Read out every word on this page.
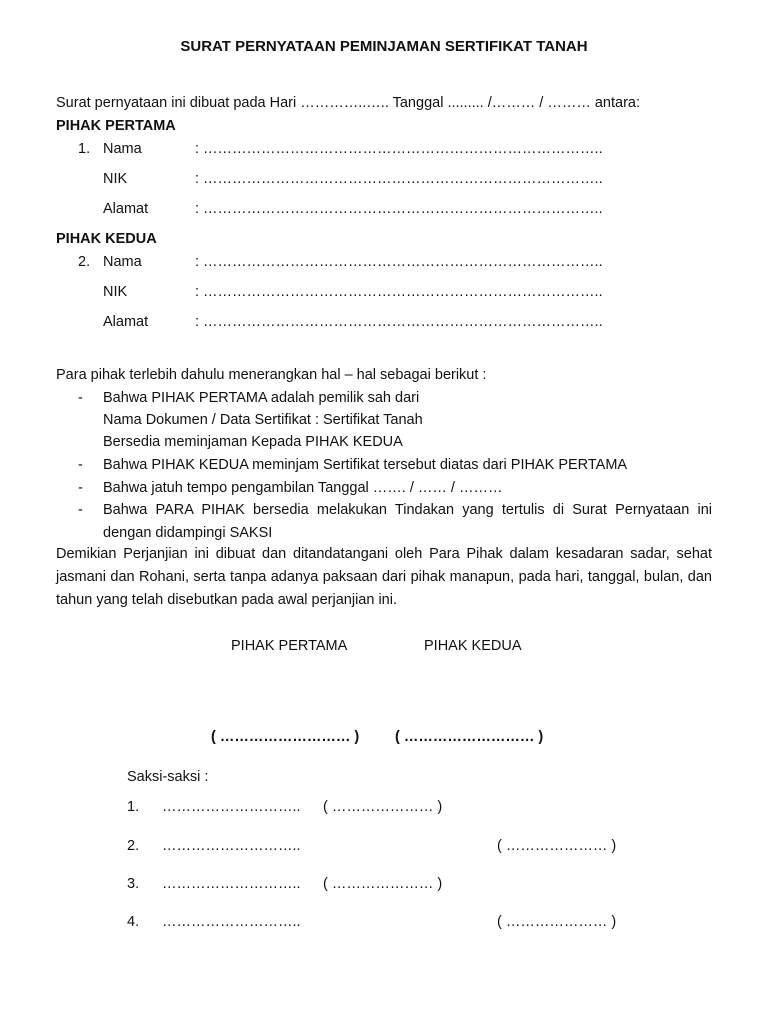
SURAT PERNYATAAN PEMINJAMAN SERTIFIKAT TANAH
Surat pernyataan ini dibuat pada Hari …………..….. Tanggal ......... /……… / ……… antara:
PIHAK PERTAMA
1. Nama	: ………………………………………………………………………..
NIK	: ………………………………………………………………………..
Alamat	: ………………………………………………………………………..
PIHAK KEDUA
2. Nama	: ………………………………………………………………………..
NIK	: ………………………………………………………………………..
Alamat	: ………………………………………………………………………..
Para pihak terlebih dahulu menerangkan hal – hal sebagai berikut :
- Bahwa PIHAK PERTAMA adalah pemilik sah dari
Nama Dokumen / Data Sertifikat : Sertifikat Tanah
Bersedia meminjaman Kepada PIHAK KEDUA
- Bahwa PIHAK KEDUA meminjam Sertifikat tersebut diatas dari PIHAK PERTAMA
- Bahwa jatuh tempo pengambilan Tanggal ……. / …… / ………
- Bahwa PARA PIHAK bersedia melakukan Tindakan yang tertulis di Surat Pernyataan ini
dengan didampingi SAKSI
Demikian Perjanjian ini dibuat dan ditandatangani oleh Para Pihak dalam kesadaran sadar, sehat jasmani dan Rohani, serta tanpa adanya paksaan dari pihak manapun, pada hari, tanggal, bulan, dan tahun yang telah disebutkan pada awal perjanjian ini.
PIHAK PERTAMA	PIHAK KEDUA
( ……………………… ) ( ……………………… )
Saksi-saksi :
1. ……………………….. ( ………………… )
2. ………………………..	( ………………… )
3. ……………………….. ( ………………… )
4. ………………………..	( ………………… )
